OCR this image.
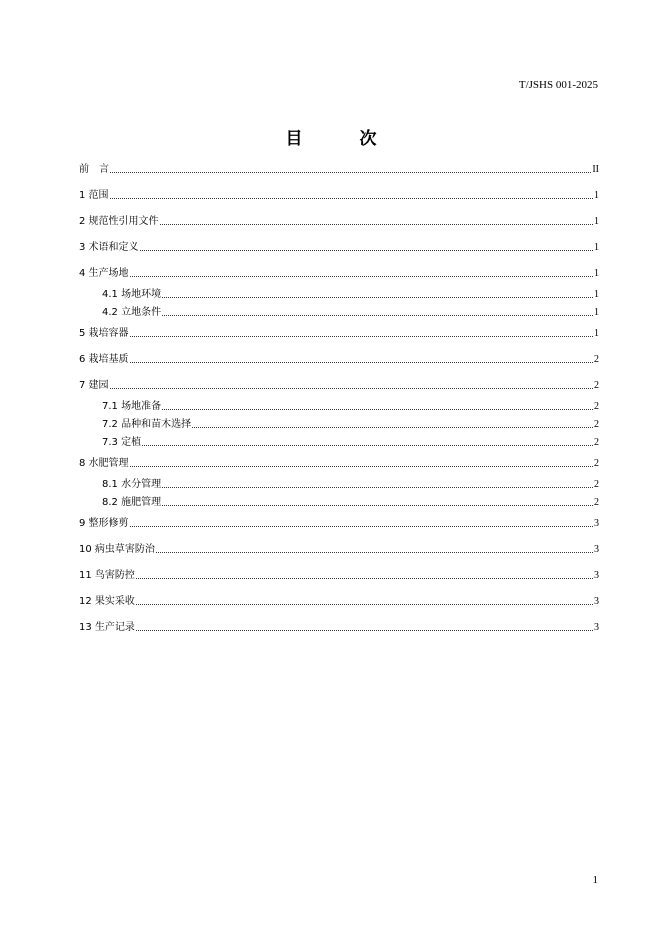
T/JSHS 001-2025
目　次
前　言	II
1 范围	1
2 规范性引用文件	1
3 术语和定义	1
4 生产场地	1
4.1 场地环境	1
4.2 立地条件	1
5 栽培容器	1
6 栽培基质	2
7 建园	2
7.1 场地准备	2
7.2 品种和苗木选择	2
7.3 定植	2
8 水肥管理	2
8.1 水分管理	2
8.2 施肥管理	2
9 整形修剪	3
10 病虫草害防治	3
11 鸟害防控	3
12 果实采收	3
13 生产记录	3
1
